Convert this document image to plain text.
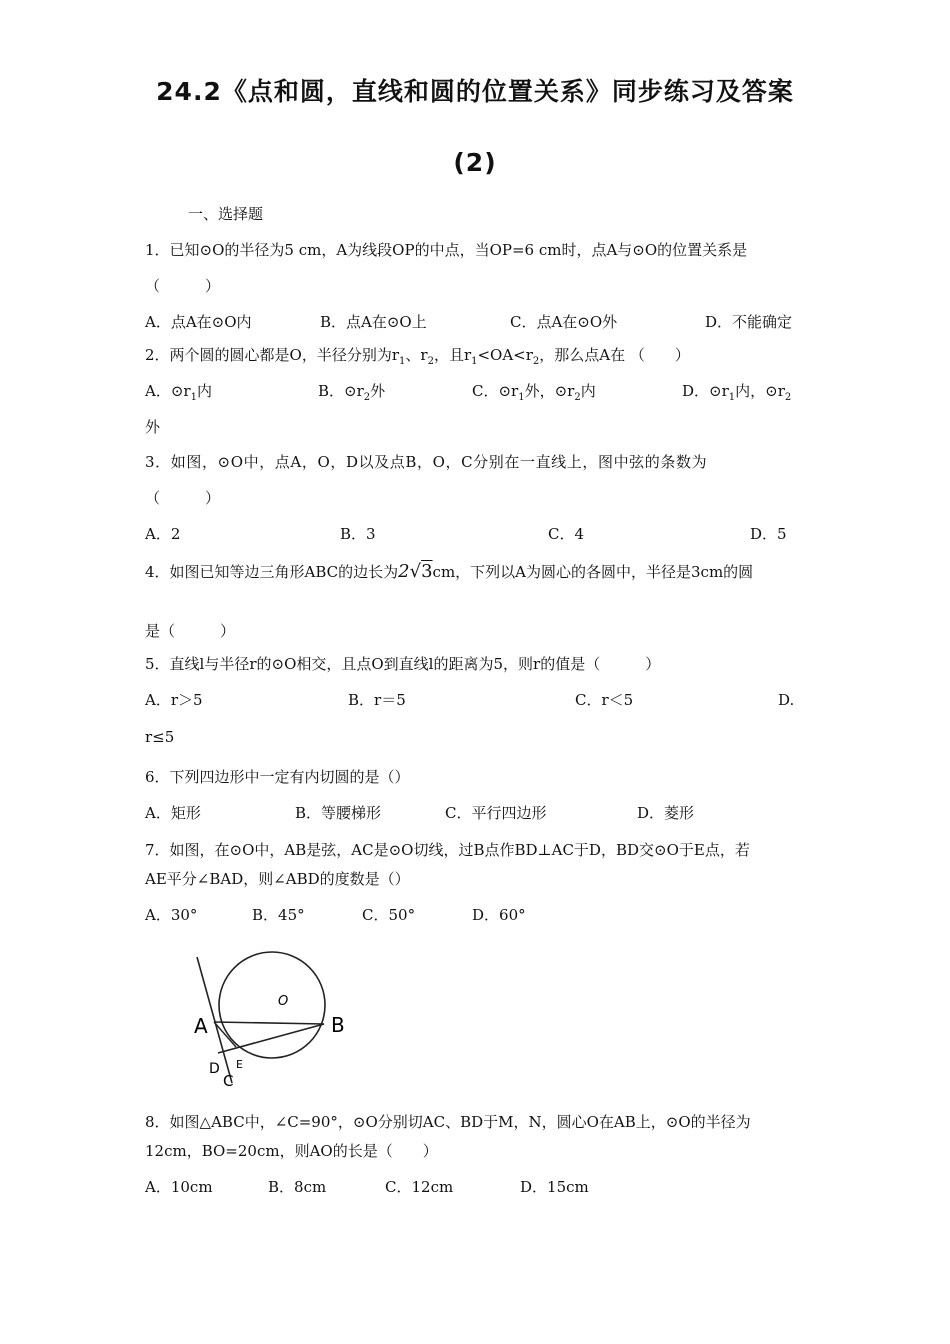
24.2《点和圆，直线和圆的位置关系》同步练习及答案
(2)
一、选择题
1．已知⊙O的半径为5 cm，A为线段OP的中点，当OP=6 cm时，点A与⊙O的位置关系是
（　　　）
A．点A在⊙O内	B．点A在⊙O上	C．点A在⊙O外	D．不能确定
2．两个圆的圆心都是O，半径分别为$r_1$、$r_2$，且$r_1<OA<r_2$，那么点A在 （　　）
A．$⊙r_1$内	B．$⊙r_2$外	C．$⊙r_1$外，$⊙r_2$内	D．$⊙r_1$内，$⊙r_2$
外
3．如图，⊙O中，点A，O，D以及点B，O，C分别在一直线上，图中弦的条数为
（　　　）
A．2	B．3	C．4	D．5
4．如图已知等边三角形ABC的边长为2√3cm，下列以A为圆心的各圆中，半径是3cm的圆
是（　　　）
5．直线l与半径r的⊙O相交，且点O到直线l的距离为5，则r的值是（　　　）
A．r＞5	B．r＝5	C．r＜5	D.
r≤5
6．下列四边形中一定有内切圆的是（）
A．矩形	B．等腰梯形	C．平行四边形	D．菱形
7．如图，在⊙O中，AB是弦，AC是⊙O切线，过B点作BD⊥AC于D，BD交⊙O于E点，若
AE平分∠BAD，则∠ABD的度数是（）
A．30°	B．45°	C．50°	D．60°
A	B
O
D
C
E
8．如图△ABC中，∠C=90°，⊙O分别切AC、BD于M，N，圆心O在AB上，⊙O的半径为
12cm，BO=20cm，则AO的长是（　　）
A．10cm	B．8cm	C．12cm	D．15cm
